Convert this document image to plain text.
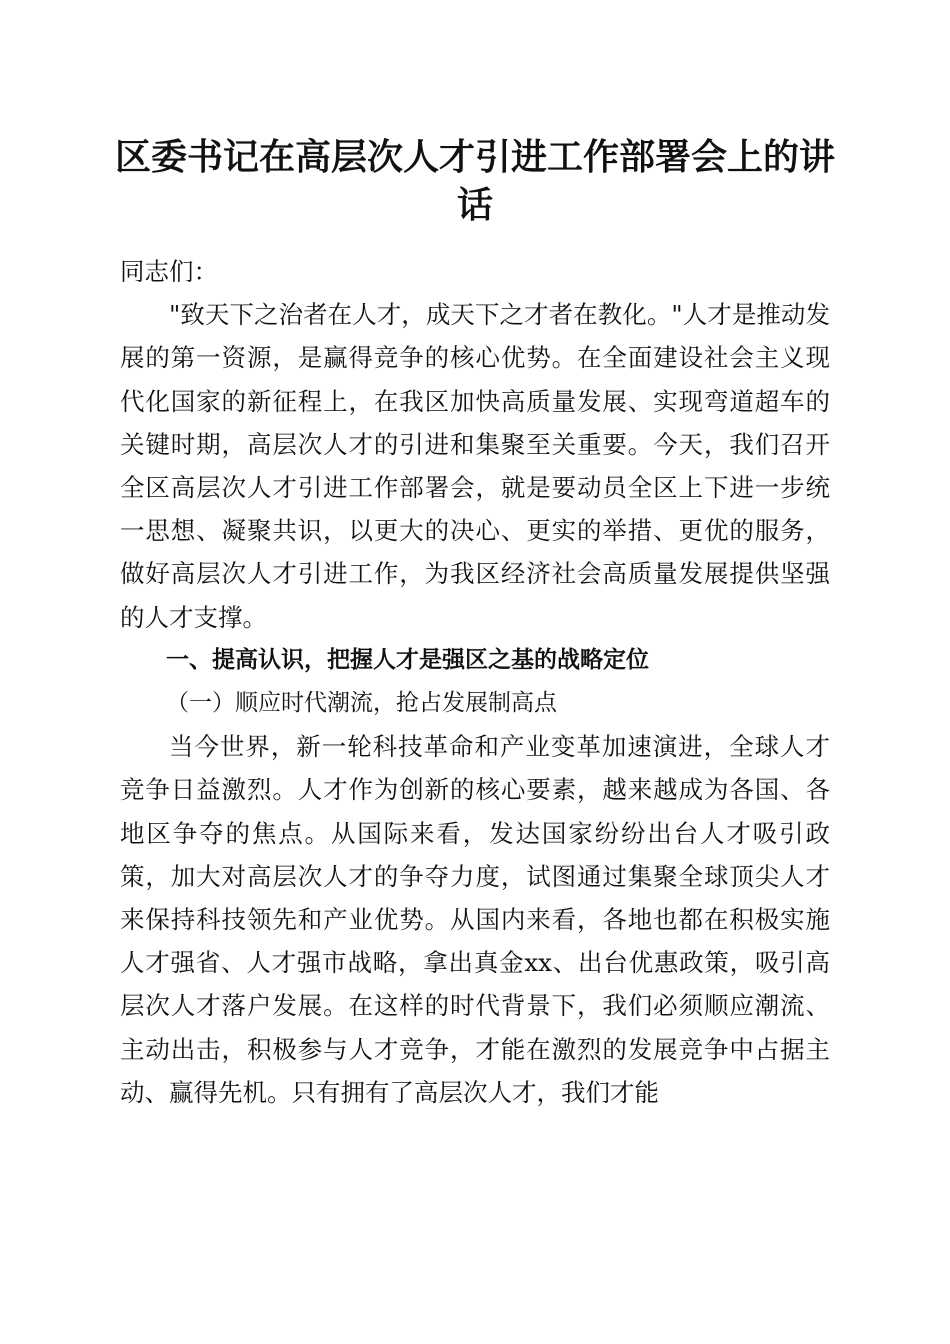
区委书记在高层次人才引进工作部署会上的讲话

同志们：

"致天下之治者在人才，成天下之才者在教化。"人才是推动发展的第一资源，是赢得竞争的核心优势。在全面建设社会主义现代化国家的新征程上，在我区加快高质量发展、实现弯道超车的关键时期，高层次人才的引进和集聚至关重要。今天，我们召开全区高层次人才引进工作部署会，就是要动员全区上下进一步统一思想、凝聚共识，以更大的决心、更实的举措、更优的服务，做好高层次人才引进工作，为我区经济社会高质量发展提供坚强的人才支撑。

一、提高认识，把握人才是强区之基的战略定位

（一）顺应时代潮流，抢占发展制高点

当今世界，新一轮科技革命和产业变革加速演进，全球人才竞争日益激烈。人才作为创新的核心要素，越来越成为各国、各地区争夺的焦点。从国际来看，发达国家纷纷出台人才吸引政策，加大对高层次人才的争夺力度，试图通过集聚全球顶尖人才来保持科技领先和产业优势。从国内来看，各地也都在积极实施人才强省、人才强市战略，拿出真金xx、出台优惠政策，吸引高层次人才落户发展。在这样的时代背景下，我们必须顺应潮流、主动出击，积极参与人才竞争，才能在激烈的发展竞争中占据主动、赢得先机。只有拥有了高层次人才，我们才能
